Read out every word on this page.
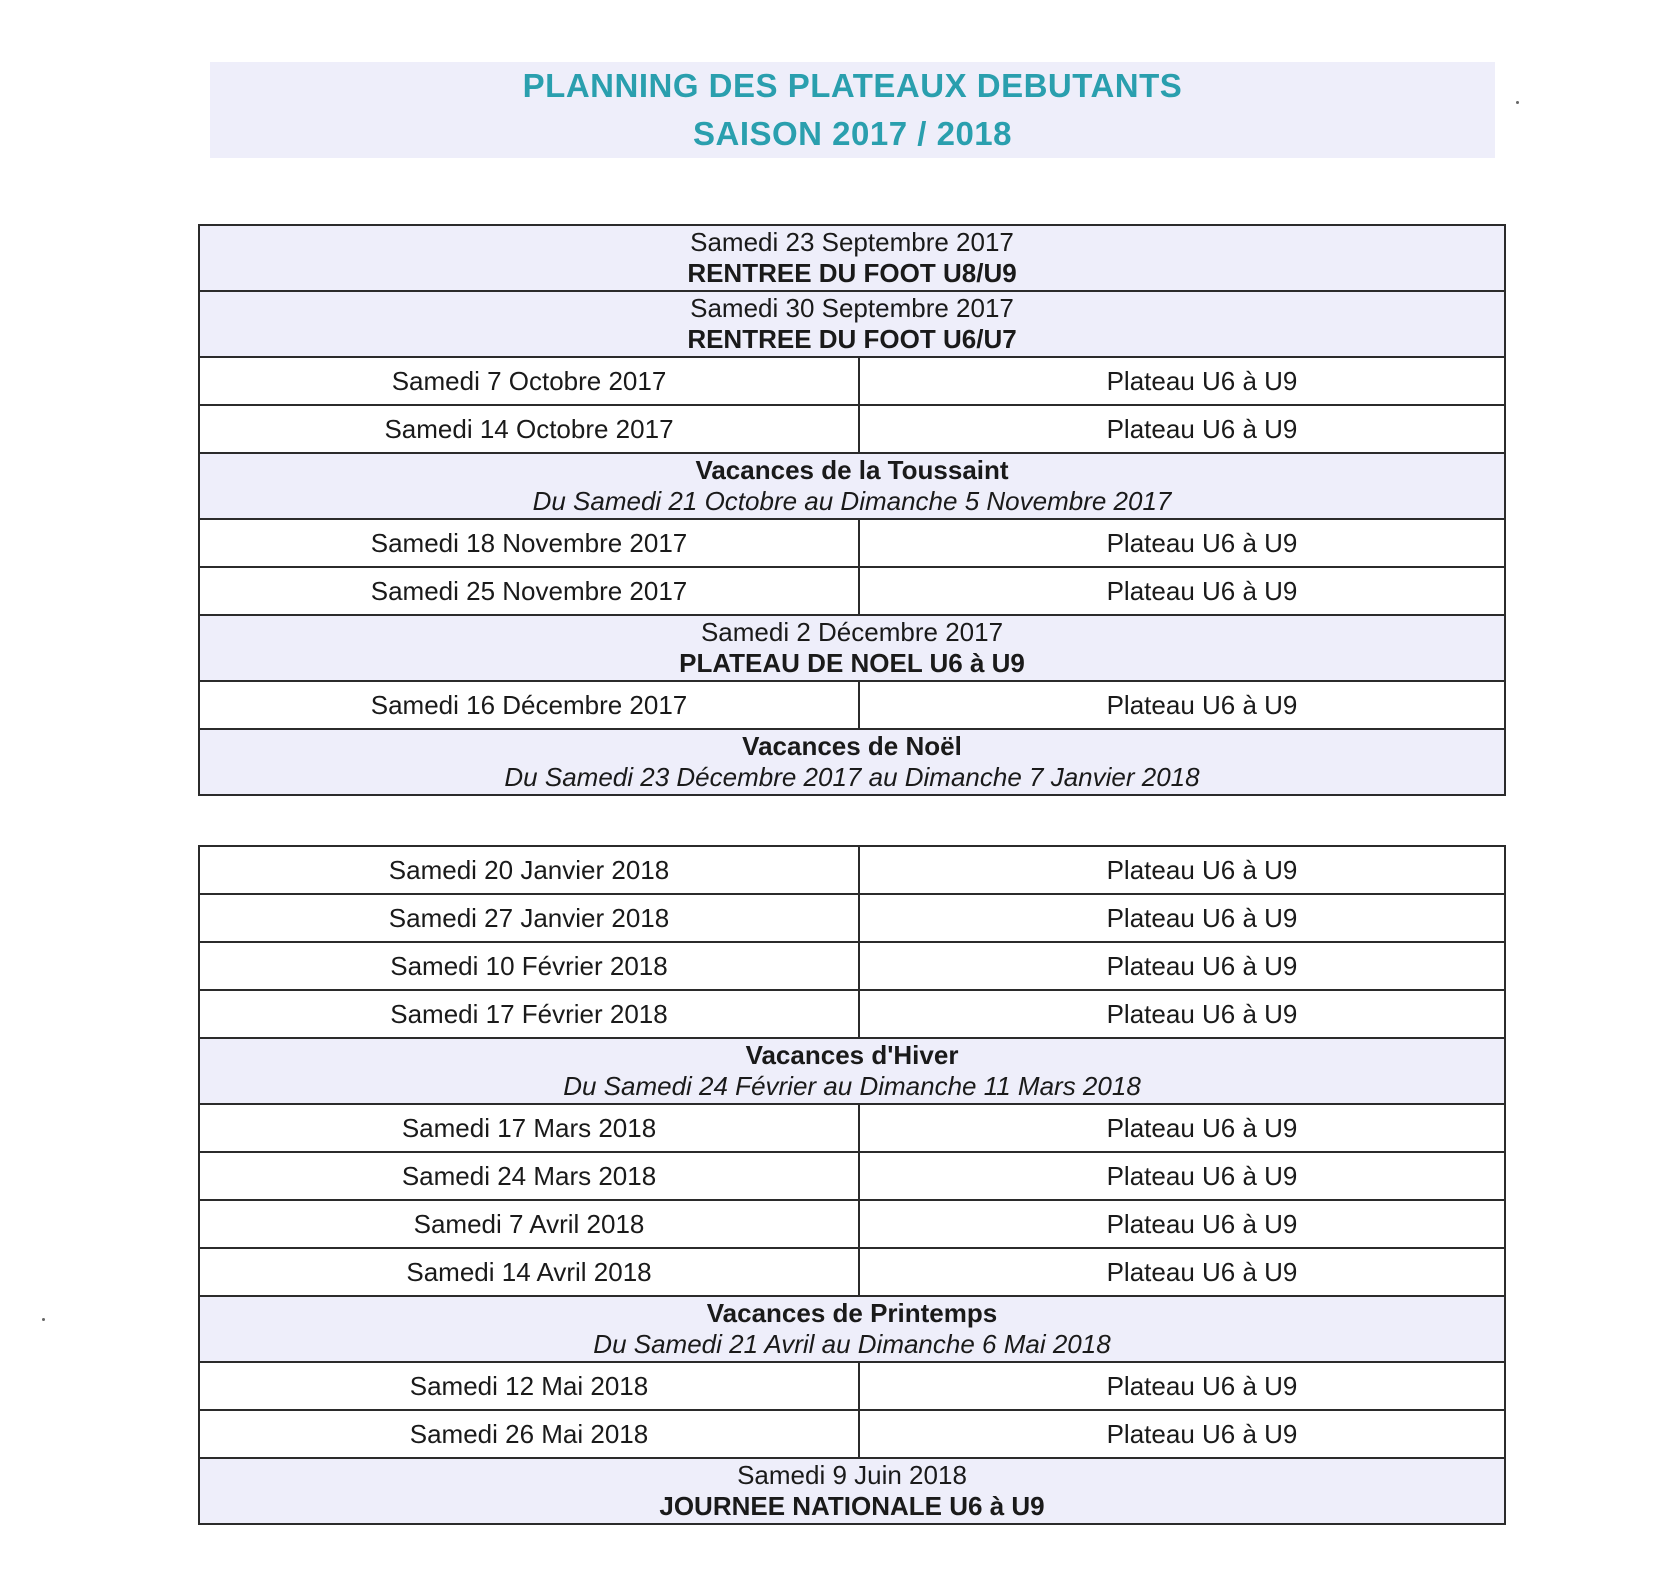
PLANNING DES PLATEAUX DEBUTANTS
SAISON 2017 / 2018
Samedi 23 Septembre 2017
RENTREE DU FOOT U8/U9	

Samedi 30 Septembre 2017
RENTREE DU FOOT U6/U7	

Samedi 7 Octobre 2017	Plateau U6 à U9
Samedi 14 Octobre 2017	Plateau U6 à U9

Vacances de la Toussaint
Du Samedi 21 Octobre au Dimanche 5 Novembre 2017	

Samedi 18 Novembre 2017	Plateau U6 à U9
Samedi 25 Novembre 2017	Plateau U6 à U9

Samedi 2 Décembre 2017
PLATEAU DE NOEL U6 à U9	

Samedi 16 Décembre 2017	Plateau U6 à U9

Vacances de Noël
Du Samedi 23 Décembre 2017 au Dimanche 7 Janvier 2018	
Samedi 20 Janvier 2018	Plateau U6 à U9
Samedi 27 Janvier 2018	Plateau U6 à U9
Samedi 10 Février 2018	Plateau U6 à U9
Samedi 17 Février 2018	Plateau U6 à U9

Vacances d'Hiver
Du Samedi 24 Février au Dimanche 11 Mars 2018	

Samedi 17 Mars 2018	Plateau U6 à U9
Samedi 24 Mars 2018	Plateau U6 à U9
Samedi 7 Avril 2018	Plateau U6 à U9
Samedi 14 Avril 2018	Plateau U6 à U9

Vacances de Printemps
Du Samedi 21 Avril au Dimanche 6 Mai 2018	

Samedi 12 Mai 2018	Plateau U6 à U9
Samedi 26 Mai 2018	Plateau U6 à U9

Samedi 9 Juin 2018
JOURNEE NATIONALE U6 à U9	
